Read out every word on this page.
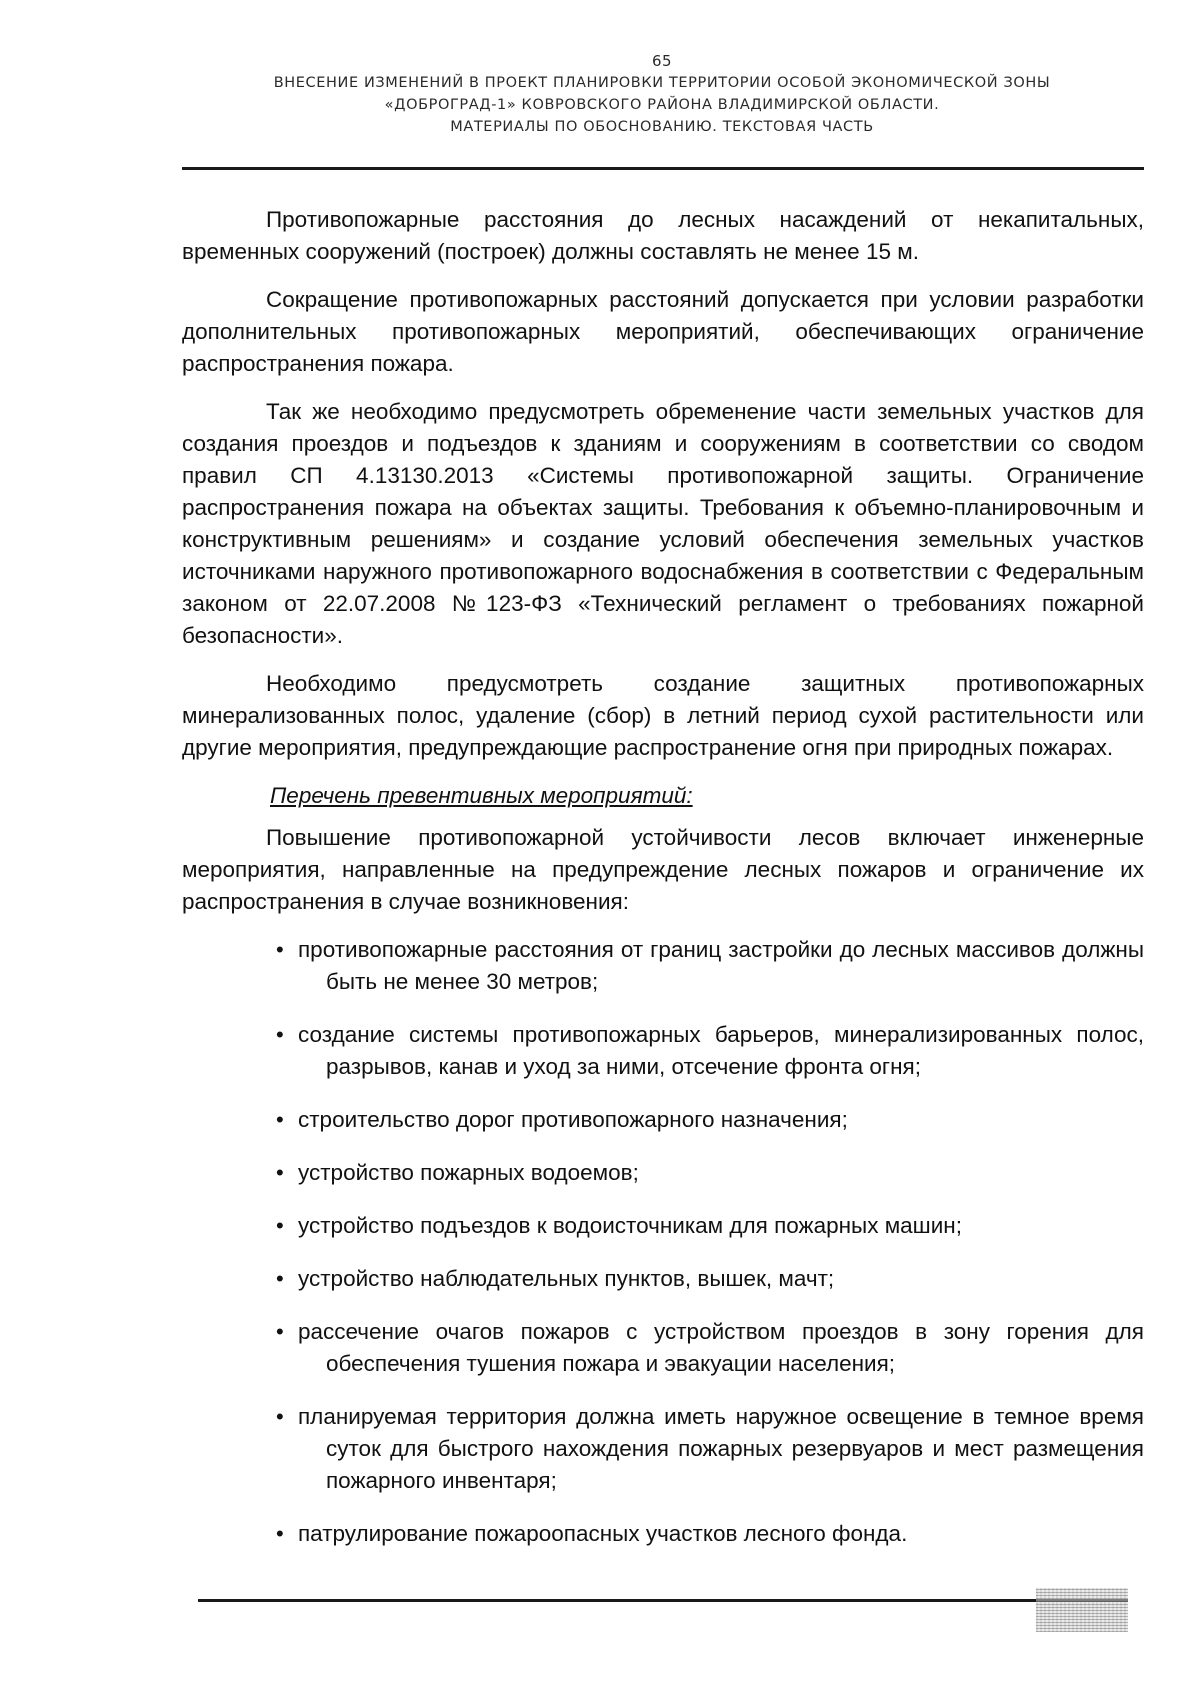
65
ВНЕСЕНИЕ ИЗМЕНЕНИЙ В ПРОЕКТ ПЛАНИРОВКИ ТЕРРИТОРИИ ОСОБОЙ ЭКОНОМИЧЕСКОЙ ЗОНЫ
«ДОБРОГРАД-1» КОВРОВСКОГО РАЙОНА ВЛАДИМИРСКОЙ ОБЛАСТИ.
МАТЕРИАЛЫ ПО ОБОСНОВАНИЮ. ТЕКСТОВАЯ ЧАСТЬ

Противопожарные расстояния до лесных насаждений от некапитальных, временных сооружений (построек) должны составлять не менее 15 м.

Сокращение противопожарных расстояний допускается при условии разработки дополнительных противопожарных мероприятий, обеспечивающих ограничение распространения пожара.

Так же необходимо предусмотреть обременение части земельных участков для создания проездов и подъездов к зданиям и сооружениям в соответствии со сводом правил СП 4.13130.2013 «Системы противопожарной защиты. Ограничение распространения пожара на объектах защиты. Требования к объемно-планировочным и конструктивным решениям» и создание условий обеспечения земельных участков источниками наружного противопожарного водоснабжения в соответствии с Федеральным законом от 22.07.2008 №123-ФЗ «Технический регламент о требованиях пожарной безопасности».

Необходимо предусмотреть создание защитных противопожарных минерализованных полос, удаление (сбор) в летний период сухой растительности или другие мероприятия, предупреждающие распространение огня при природных пожарах.

Перечень превентивных мероприятий:

Повышение противопожарной устойчивости лесов включает инженерные мероприятия, направленные на предупреждение лесных пожаров и ограничение их распространения в случае возникновения:

• противопожарные расстояния от границ застройки до лесных массивов должны быть не менее 30 метров;
• создание системы противопожарных барьеров, минерализированных полос, разрывов, канав и уход за ними, отсечение фронта огня;
• строительство дорог противопожарного назначения;
• устройство пожарных водоемов;
• устройство подъездов к водоисточникам для пожарных машин;
• устройство наблюдательных пунктов, вышек, мачт;
• рассечение очагов пожаров с устройством проездов в зону горения для обеспечения тушения пожара и эвакуации населения;
• планируемая территория должна иметь наружное освещение в темное время суток для быстрого нахождения пожарных резервуаров и мест размещения пожарного инвентаря;
• патрулирование пожароопасных участков лесного фонда.
